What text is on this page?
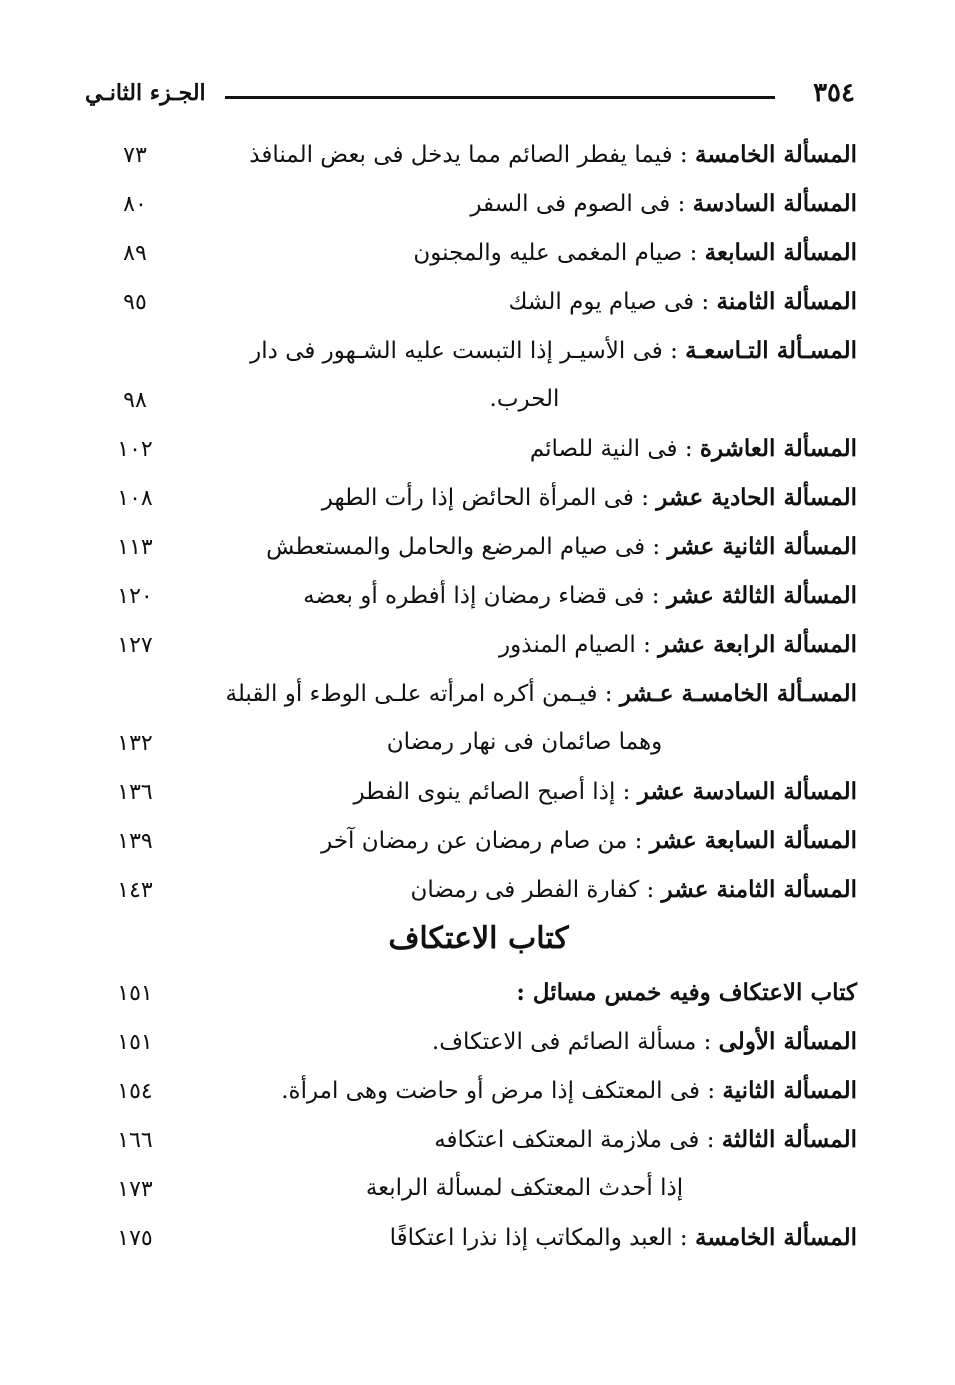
٣٥٤
الجـزء الثانـي
المسألة الخامسة : فيما يفطر الصائم مما يدخل فى بعض المنافذ
٧٣
المسألة السادسة : فى الصوم فى السفر
٨٠
المسألة السابعة : صيام المغمى عليه والمجنون
٨٩
المسألة الثامنة : فى صيام يوم الشك
٩٥
المسـألة التـاسعـة : فى الأسيـر إذا التبست عليه الشـهور فى دار
الحرب.
٩٨
المسألة العاشرة : فى النية للصائم
١٠٢
المسألة الحادية عشر : فى المرأة الحائض إذا رأت الطهر
١٠٨
المسألة الثانية عشر : فى صيام المرضع والحامل والمستعطش
١١٣
المسألة الثالثة عشر : فى قضاء رمضان إذا أفطره أو بعضه
١٢٠
المسألة الرابعة عشر : الصيام المنذور
١٢٧
المسـألة الخامسـة عـشر : فيـمن أكره امرأته علـى الوطء أو القبلة
وهما صائمان فى نهار رمضان
١٣٢
المسألة السادسة عشر : إذا أصبح الصائم ينوى الفطر
١٣٦
المسألة السابعة عشر : من صام رمضان عن رمضان آخر
١٣٩
المسألة الثامنة عشر : كفارة الفطر فى رمضان
١٤٣
كتاب الاعتكاف
كتاب الاعتكاف وفيه خمس مسائل :
١٥١
المسألة الأولى : مسألة الصائم فى الاعتكاف.
١٥١
المسألة الثانية : فى المعتكف إذا مرض أو حاضت وهى امرأة.
١٥٤
المسألة الثالثة : فى ملازمة المعتكف اعتكافه
١٦٦
إذا أحدث المعتكف لمسألة الرابعة
١٧٣
المسألة الخامسة : العبد والمكاتب إذا نذرا اعتكافًا
١٧٥
